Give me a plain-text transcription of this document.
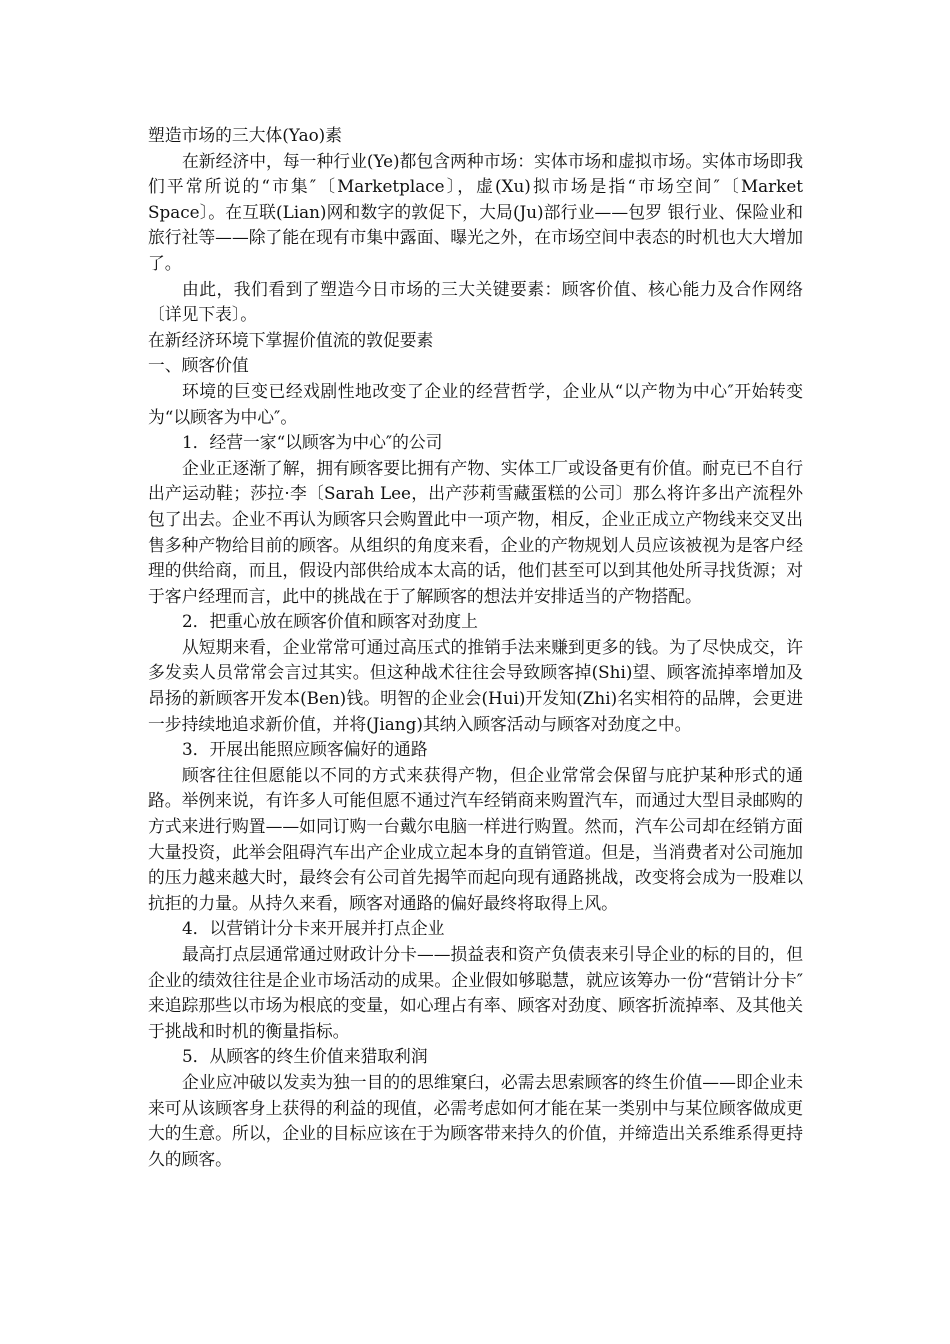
塑造市场的三大体(Yao)素

在新经济中，每一种行业(Ye)都包含两种市场：实体市场和虚拟市场。实体市场即我们平常所说的“市集″〔Marketplace〕，虚(Xu)拟市场是指“市场空间″〔Market Space〕。在互联(Lian)网和数字的敦促下，大局(Ju)部行业——包罗 银行业、保险业和旅行社等——除了能在现有市集中露面、曝光之外，在市场空间中表态的时机也大大增加了。

由此，我们看到了塑造今日市场的三大关键要素：顾客价值、核心能力及合作网络〔详见下表〕。

在新经济环境下掌握价值流的敦促要素

一、顾客价值

环境的巨变已经戏剧性地改变了企业的经营哲学，企业从“以产物为中心″开始转变为“以顾客为中心″。

1．经营一家“以顾客为中心″的公司

企业正逐渐了解，拥有顾客要比拥有产物、实体工厂或设备更有价值。耐克已不自行出产运动鞋；莎拉·李〔Sarah Lee，出产莎莉雪藏蛋糕的公司〕那么将许多出产流程外包了出去。企业不再认为顾客只会购置此中一项产物，相反，企业正成立产物线来交叉出售多种产物给目前的顾客。从组织的角度来看，企业的产物规划人员应该被视为是客户经理的供给商，而且，假设内部供给成本太高的话，他们甚至可以到其他处所寻找货源；对于客户经理而言，此中的挑战在于了解顾客的想法并安排适当的产物搭配。

2．把重心放在顾客价值和顾客对劲度上

从短期来看，企业常常可通过高压式的推销手法来赚到更多的钱。为了尽快成交，许多发卖人员常常会言过其实。但这种战术往往会导致顾客掉(Shi)望、顾客流掉率增加及昂扬的新顾客开发本(Ben)钱。明智的企业会(Hui)开发知(Zhi)名实相符的品牌，会更进一步持续地追求新价值，并将(Jiang)其纳入顾客活动与顾客对劲度之中。

3．开展出能照应顾客偏好的通路

顾客往往但愿能以不同的方式来获得产物，但企业常常会保留与庇护某种形式的通路。举例来说，有许多人可能但愿不通过汽车经销商来购置汽车，而通过大型目录邮购的方式来进行购置——如同订购一台戴尔电脑一样进行购置。然而，汽车公司却在经销方面大量投资，此举会阻碍汽车出产企业成立起本身的直销管道。但是，当消费者对公司施加的压力越来越大时，最终会有公司首先揭竿而起向现有通路挑战，改变将会成为一股难以抗拒的力量。从持久来看，顾客对通路的偏好最终将取得上风。

4．以营销计分卡来开展并打点企业

最高打点层通常通过财政计分卡——损益表和资产负债表来引导企业的标的目的，但企业的绩效往往是企业市场活动的成果。企业假如够聪慧，就应该筹办一份“营销计分卡″来追踪那些以市场为根底的变量，如心理占有率、顾客对劲度、顾客折流掉率、及其他关于挑战和时机的衡量指标。

5．从顾客的终生价值来猎取利润

企业应冲破以发卖为独一目的的思维窠臼，必需去思索顾客的终生价值——即企业未来可从该顾客身上获得的利益的现值，必需考虑如何才能在某一类别中与某位顾客做成更大的生意。所以，企业的目标应该在于为顾客带来持久的价值，并缔造出关系维系得更持久的顾客。
